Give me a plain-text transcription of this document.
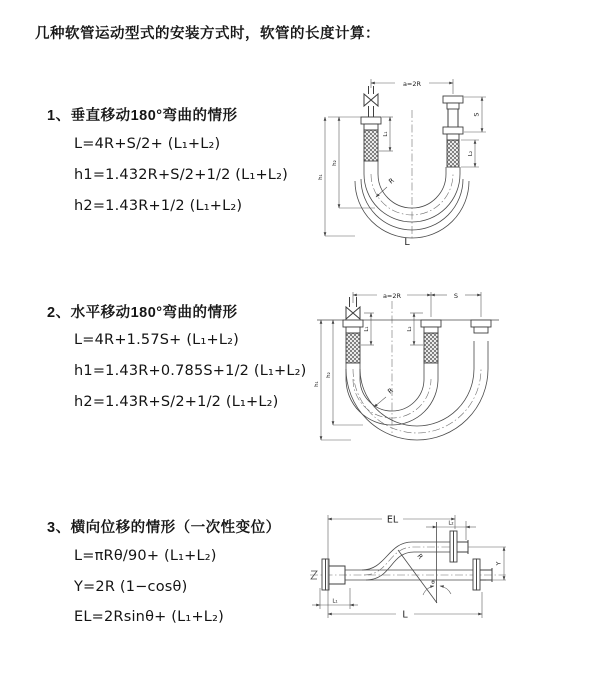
几种软管运动型式的安装方式时，软管的长度计算：
1、垂直移动180°弯曲的情形
L=4R+S/2+ (L₁+L₂)
h1=1.432R+S/2+1/2 (L₁+L₂)
h2=1.43R+1/2 (L₁+L₂)
2、水平移动180°弯曲的情形
L=4R+1.57S+ (L₁+L₂)
h1=1.43R+0.785S+1/2 (L₁+L₂)
h2=1.43R+S/2+1/2 (L₁+L₂)
3、横向位移的情形（一次性变位）
L=πRθ/90+ (L₁+L₂)
Y=2R (1−cosθ)
EL=2Rsinθ+ (L₁+L₂)
a=2R
S
L₂
L₁
h₂
h₁	R
L
a=2R	S
L₁	L₂
h₂
h₁
R
θ
R
EL	L₂
Y
L₁
L
